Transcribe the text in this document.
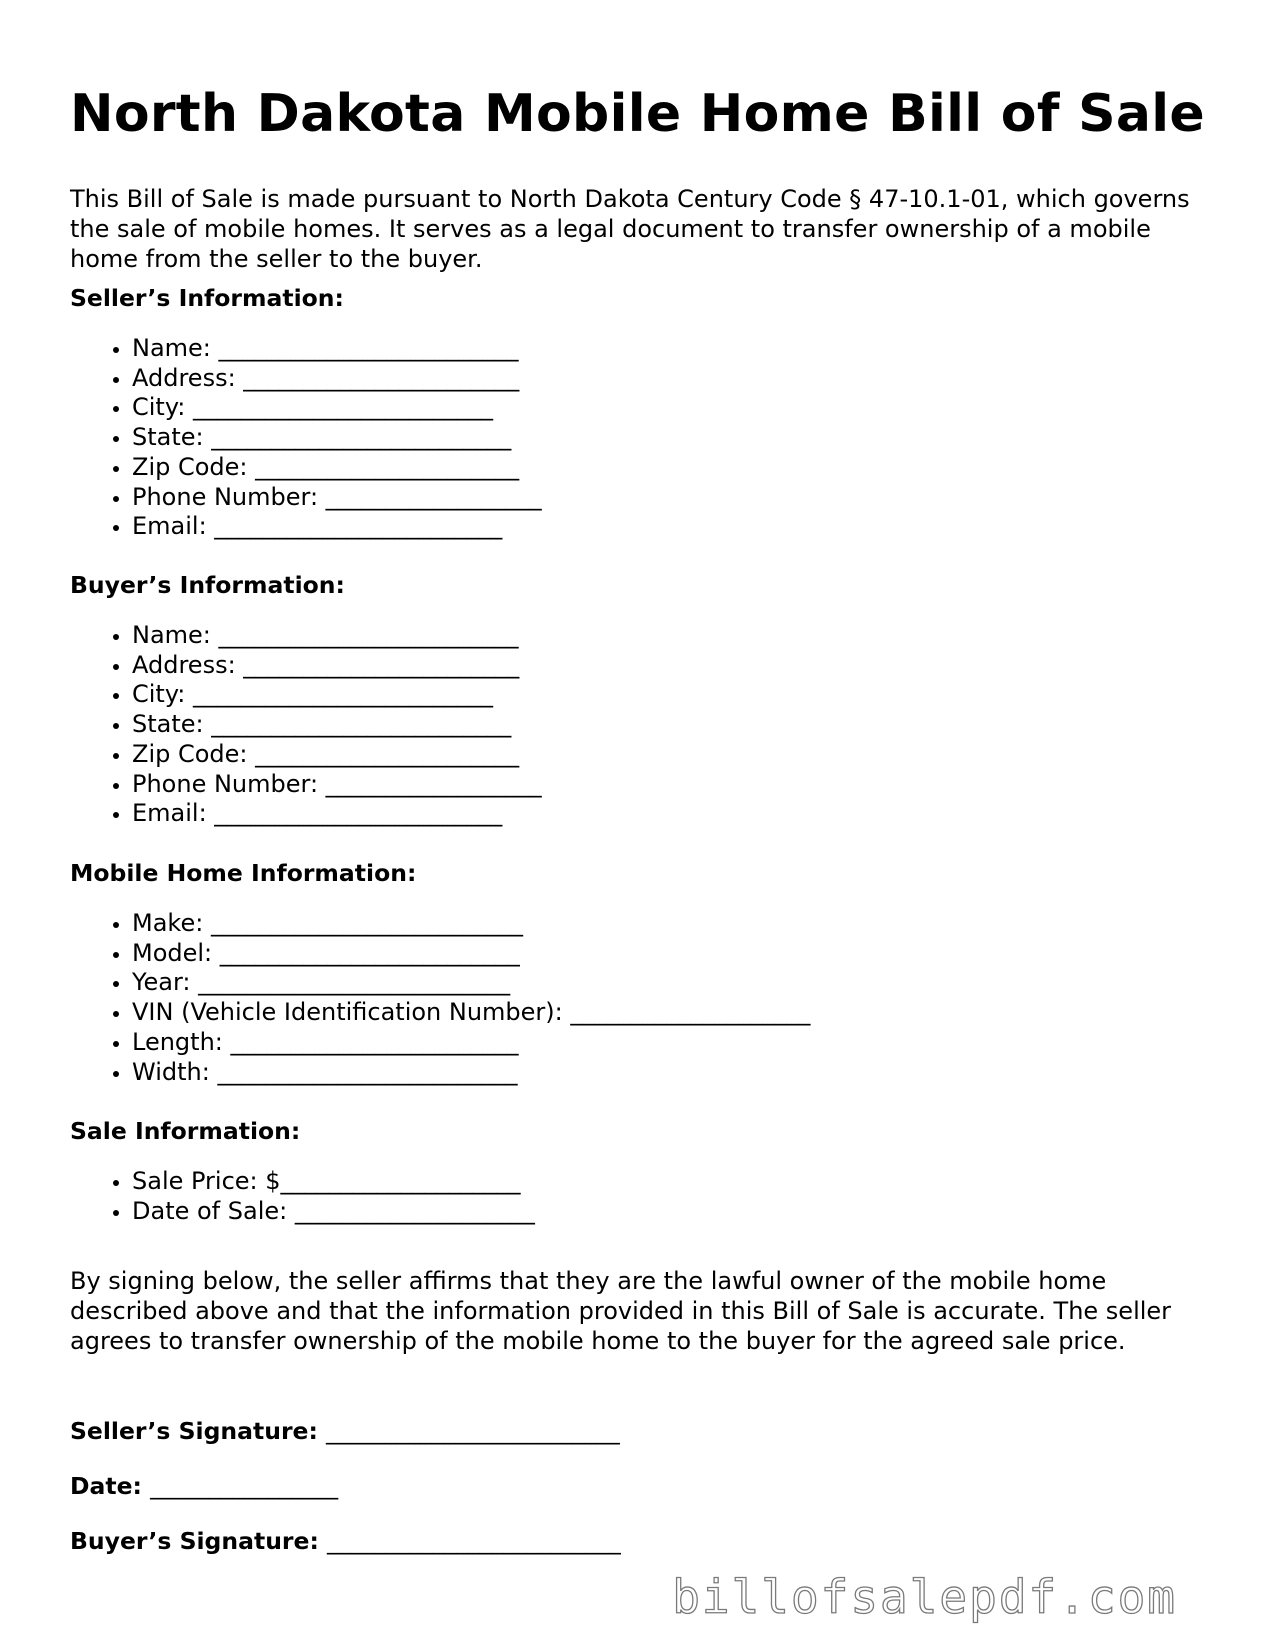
North Dakota Mobile Home Bill of Sale

This Bill of Sale is made pursuant to North Dakota Century Code § 47-10.1-01, which governs the sale of mobile homes. It serves as a legal document to transfer ownership of a mobile home from the seller to the buyer.

Seller’s Information:

• Name: _________________________
• Address: _______________________
• City: _________________________
• State: _________________________
• Zip Code: ______________________
• Phone Number: __________________
• Email: ________________________

Buyer’s Information:

• Name: _________________________
• Address: _______________________
• City: _________________________
• State: _________________________
• Zip Code: ______________________
• Phone Number: __________________
• Email: ________________________

Mobile Home Information:

• Make: __________________________
• Model: _________________________
• Year: __________________________
• VIN (Vehicle Identification Number): ____________________
• Length: ________________________
• Width: _________________________

Sale Information:

• Sale Price: $____________________
• Date of Sale: ____________________

By signing below, the seller affirms that they are the lawful owner of the mobile home described above and that the information provided in this Bill of Sale is accurate. The seller agrees to transfer ownership of the mobile home to the buyer for the agreed sale price.

Seller’s Signature: _________________________

Date: ________________

Buyer’s Signature: _________________________

billofsalepdf.com
